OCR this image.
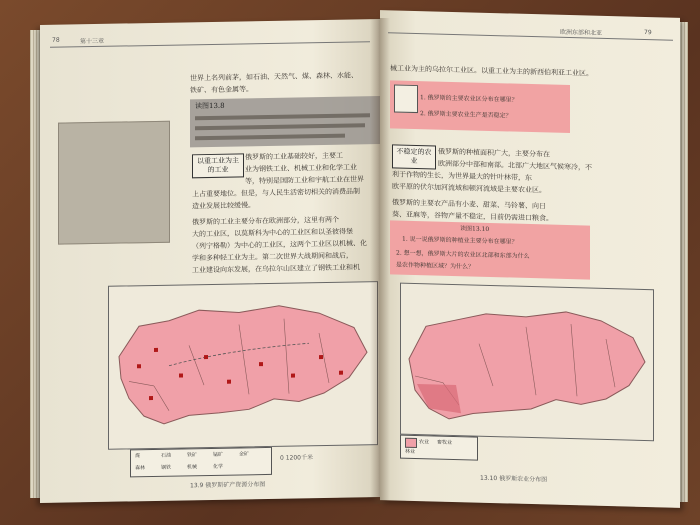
78	第十三章
世界上名列前茅，如石油、天然气、煤、森林、水能、
铁矿、有色金属等。
读图13.8
以重工业为主的工业
俄罗斯的工业基础较好，主要工
业为钢铁工业、机械工业和化学工业
等，特别是国防工业和宇航工业在世界
上占重要地位。但是，与人民生活密切相关的消费品制
造业发展比较缓慢。
俄罗斯的工业主要分布在欧洲部分，这里有两个
大的工业区，以莫斯科为中心的工业区和以圣彼得堡
（列宁格勒）为中心的工业区，这两个工业区以机械、化
学和多种轻工业为主。第二次世界大战期间和战后，
工业建设向东发展，在乌拉尔山区建立了钢铁工业和机
煤	石油	铁矿	锰矿	金矿
森林	钢铁	机械	化学
0 1200千米
13.9 俄罗斯矿产资源分布图
欧洲东部和北亚	79
械工业为主的乌拉尔工业区。以重工业为主的新西伯利亚工业区。
1. 俄罗斯的主要农业区分布在哪里？
2. 俄罗斯主要农业生产是否稳定？
不稳定的农业
俄罗斯的种植面积广大，主要分布在
欧洲部分中部和南部。北部广大地区气候寒冷，不
利于作物的生长，为世界最大的针叶林带，东
欧平原的伏尔加河流域和顿河流域是主要农业区。
俄罗斯的主要农产品有小麦、甜菜、马铃薯、向日
葵、亚麻等，谷物产量不稳定，目前仍需进口粮食。
读图13.10
1. 说一说俄罗斯的种植业主要分布在哪里？
2. 想一想，俄罗斯大片的农业区北部和东部为什么
是农作物种植区域？为什么？
农业 畜牧业
林业
13.10 俄罗斯农业分布图
